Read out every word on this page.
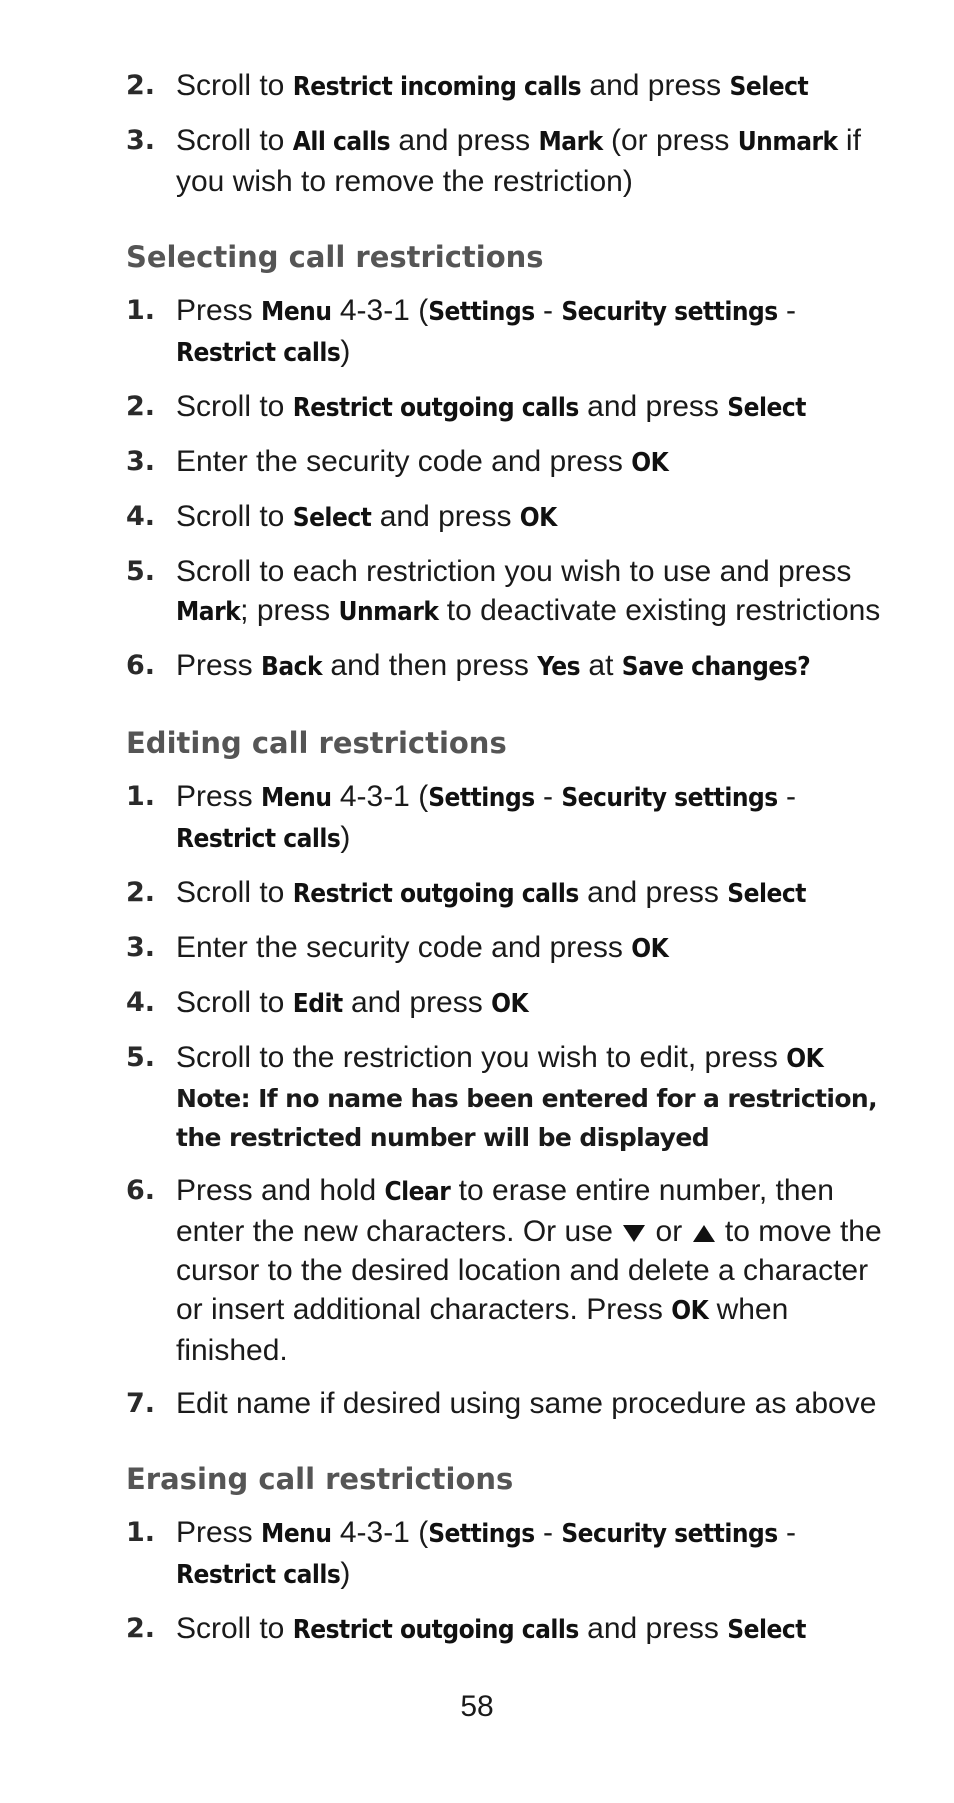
2. Scroll to Restrict incoming calls and press Select
3. Scroll to All calls and press Mark (or press Unmark if you wish to remove the restriction)
Selecting call restrictions
1. Press Menu 4-3-1 (Settings - Security settings - Restrict calls)
2. Scroll to Restrict outgoing calls and press Select
3. Enter the security code and press OK
4. Scroll to Select and press OK
5. Scroll to each restriction you wish to use and press Mark; press Unmark to deactivate existing restrictions
6. Press Back and then press Yes at Save changes?
Editing call restrictions
1. Press Menu 4-3-1 (Settings - Security settings - Restrict calls)
2. Scroll to Restrict outgoing calls and press Select
3. Enter the security code and press OK
4. Scroll to Edit and press OK
5. Scroll to the restriction you wish to edit, press OK
Note: If no name has been entered for a restriction, the restricted number will be displayed
6. Press and hold Clear to erase entire number, then enter the new characters. Or use  or  to move the cursor to the desired location and delete a character or insert additional characters. Press OK when finished.
7. Edit name if desired using same procedure as above
Erasing call restrictions
1. Press Menu 4-3-1 (Settings - Security settings - Restrict calls)
2. Scroll to Restrict outgoing calls and press Select
58
